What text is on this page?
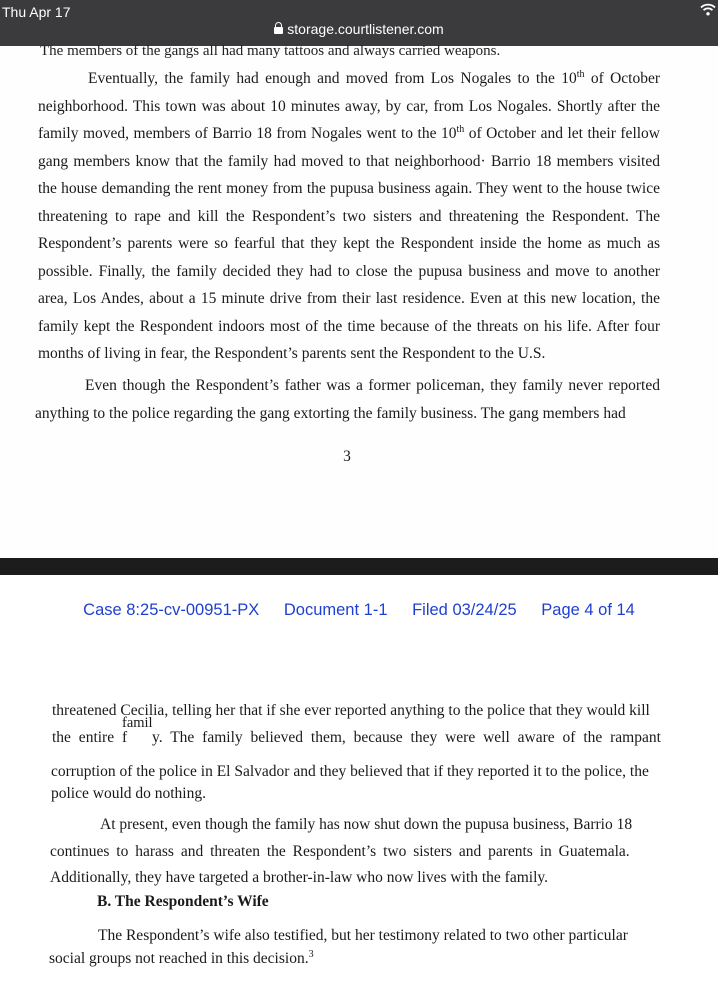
Thu Apr 17
storage.courtlistener.com

The members of the gangs all had many tattoos and always carried weapons.

Eventually, the family had enough and moved from Los Nogales to the 10th of October neighborhood. This town was about 10 minutes away, by car, from Los Nogales. Shortly after the family moved, members of Barrio 18 from Nogales went to the 10th of October and let their fellow gang members know that the family had moved to that neighborhood· Barrio 18 members visited the house demanding the rent money from the pupusa business again. They went to the house twice threatening to rape and kill the Respondent’s two sisters and threatening the Respondent. The Respondent’s parents were so fearful that they kept the Respondent inside the home as much as possible. Finally, the family decided they had to close the pupusa business and move to another area, Los Andes, about a 15 minute drive from their last residence. Even at this new location, the family kept the Respondent indoors most of the time because of the threats on his life. After four months of living in fear, the Respondent’s parents sent the Respondent to the U.S.

Even though the Respondent’s father was a former policeman, they family never reported anything to the police regarding the gang extorting the family business. The gang members had

3
Case 8:25-cv-00951-PX Document 1-1 Filed 03/24/25 Page 4 of 14

threatened Cecilia, telling her that if she ever reported anything to the police that they would kill

the entire
famil
f y. The family believed them, because they were well aware of the rampant

corruption of the police in El Salvador and they believed that if they reported it to the police, the

police would do nothing.

At present, even though the family has now shut down the pupusa business, Barrio 18

continues to harass and threaten the Respondent’s two sisters and parents in Guatemala.

Additionally, they have targeted a brother-in-law who now lives with the family.

B. The Respondent’s Wife

The Respondent’s wife also testified, but her testimony related to two other particular

social groups not reached in this decision.$^3$
